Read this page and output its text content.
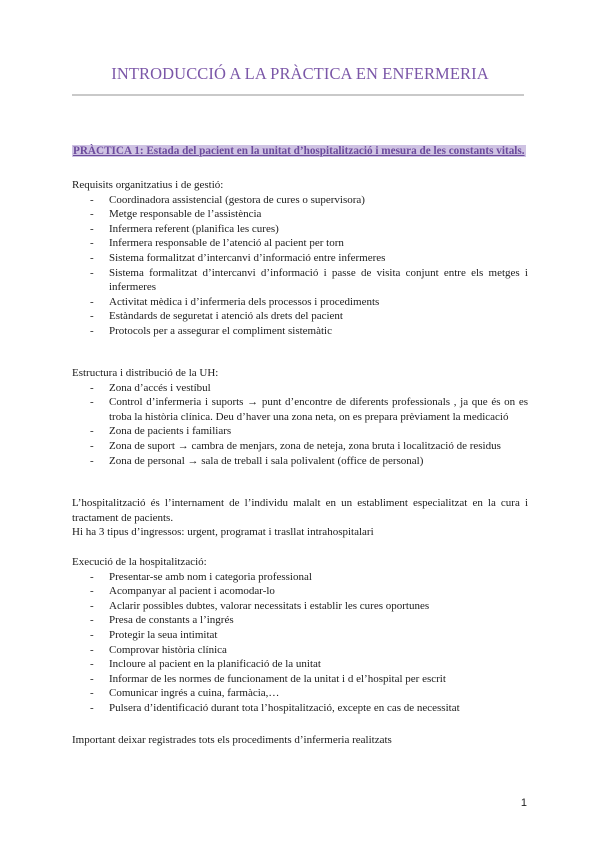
INTRODUCCIÓ A LA PRÀCTICA EN ENFERMERIA
PRÀCTICA 1: Estada del pacient en la unitat d’hospitalització i mesura de les constants vitals.

Requisits organitzatius i de gestió:

- Coordinadora assistencial (gestora de cures o supervisora)
- Metge responsable de l’assistència
- Infermera referent (planifica les cures)
- Infermera responsable de l’atenció al pacient per torn
- Sistema formalitzat d’intercanvi d’informació entre infermeres
- Sistema formalitzat d’intercanvi d’informació i passe de visita conjunt entre els metges i infermeres
- Activitat mèdica i d’infermeria dels processos i procediments
- Estàndards de seguretat i atenció als drets del pacient
- Protocols per a assegurar el compliment sistemàtic

Estructura i distribució de la UH:

- Zona d’accés i vestíbul
- Control d’infermeria i suports → punt d’encontre de diferents professionals , ja que és on es troba la història clínica. Deu d’haver una zona neta, on es prepara prèviament la medicació
- Zona de pacients i familiars
- Zona de suport → cambra de menjars, zona de neteja, zona bruta i localització de residus
- Zona de personal → sala de treball i sala polivalent (office de personal)

L’hospitalització és l’internament de l’individu malalt en un establiment especialitzat en la cura i tractament de pacients.

Hi ha 3 tipus d’ingressos: urgent, programat i trasllat intrahospitalari

Execució de la hospitalització:

- Presentar-se amb nom i categoria professional
- Acompanyar al pacient i acomodar-lo
- Aclarir possibles dubtes, valorar necessitats i establir les cures oportunes
- Presa de constants a l’ingrés
- Protegir la seua intimitat
- Comprovar història clínica
- Incloure al pacient en la planificació de la unitat
- Informar de les normes de funcionament de la unitat i d el’hospital per escrit
- Comunicar ingrés a cuina, farmàcia,…
- Pulsera d’identificació durant tota l’hospitalització, excepte en cas de necessitat

Important deixar registrades tots els procediments d’infermeria realitzats

1
